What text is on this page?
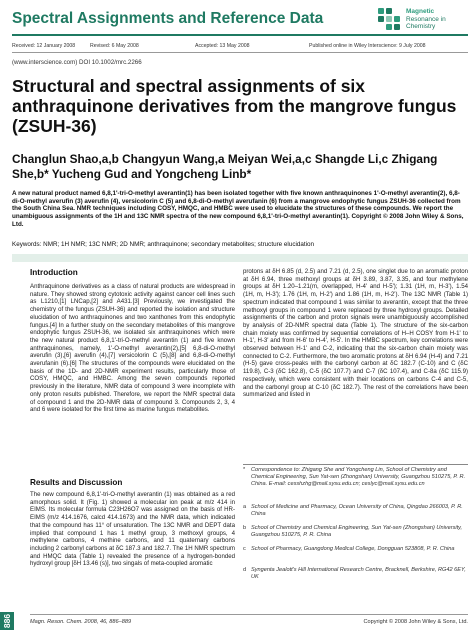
Spectral Assignments and Reference Data	Magnetic
Resonance in
Chemistry
Received: 12 January 2008	Revised: 6 May 2008	Accepted: 13 May 2008	Published online in Wiley Interscience: 9 July 2008
(www.interscience.com) DOI 10.1002/mrc.2266
Structural and spectral assignments of six anthraquinone derivatives from the mangrove fungus (ZSUH-36)
Changlun Shao,a,b Changyun Wang,a Meiyan Wei,a,c Shangde Li,c Zhigang She,b* Yucheng Gud and Yongcheng Linb*
A new natural product named 6,8,1'-tri-O-methyl averantin(1) has been isolated together with five known anthraquinones 1'-O-methyl averantin(2), 6,8-di-O-methyl averufin (3) averufin (4), versicolorin C (5) and 6,8-di-O-methyl averufanin (6) from a mangrove endophytic fungus ZSUH-36 collected from the South China Sea. NMR techniques including COSY, HMQC, and HMBC were used to elucidate the structures of these compounds. We report the unambiguous assignments of the 1H and 13C NMR spectra of the new compound 6,8,1'-tri-O-methyl averantin(1). Copyright © 2008 John Wiley & Sons, Ltd.
Keywords: NMR; 1H NMR; 13C NMR; 2D NMR; anthraquinone; secondary metabolites; structure elucidation
Introduction
Anthraquinone derivatives as a class of natural products are widespread in nature. They showed strong cytotoxic activity against cancer cell lines such as L1210,[1] LNCap,[2] and A431.[3] Previously, we investigated the chemistry of the fungus (ZSUH-36) and reported the isolation and structure elucidation of two anthraquinones and two xanthones from this endophytic fungus.[4] In a further study on the secondary metabolites of this mangrove endophytic fungus ZSUH-36, we isolated six anthraquinones which were the new natural product 6,8,1'-tri-O-methyl averantin (1) and five known anthraquinones, namely, 1'-O-methyl averantin(2),[5] 6,8-di-O-methyl averufin (3),[6] averufin (4),[7] versicolorin C (5),[8] and 6,8-di-O-methyl averufanin (6).[6] The structures of the compounds were elucidated on the basis of the 1D- and 2D-NMR experiment results, particularly those of COSY, HMQC, and HMBC. Among the seven compounds reported previously in the literature, NMR data of compound 3 were incomplete with only proton results published. Therefore, we report the NMR spectral data of compound 1 and the 2D-NMR data of compound 3. Compounds 2, 3, 4 and 6 were isolated for the first time as marine fungus metabolites.
Results and Discussion
The new compound 6,8,1'-tri-O-methyl averantin (1) was obtained as a red amorphous solid. It (Fig. 1) showed a molecular ion peak at m/z 414 in EIMS. Its molecular formula C23H26O7 was assigned on the basis of HR-EIMS (m/z 414.1676, calcd 414.1673) and the NMR data, which indicated that the compound has 11° of unsaturation. The 13C NMR and DEPT data implied that compound 1 has 1 methyl group, 3 methoxyl groups, 4 methylene carbons, 4 methine carbons, and 11 quaternary carbons including 2 carbonyl carbons at δC 187.3 and 182.7. The 1H NMR spectrum and HMQC data (Table 1) revealed the presence of a hydrogen-bonded hydroxyl group [δH 13.46 (s)], two singals of meta-coupled aromatic
protons at δH 6.85 (d, 2.5) and 7.21 (d, 2.5), one singlet due to an aromatic proton at δH 6.94, three methoxyl groups at δH 3.89, 3.87, 3.35, and four methylene groups at δH 1.20–1.21(m, overlapped, H-4' and H-5'); 1.31 (1H, m, H-3'), 1.54 (1H, m, H-3'); 1.76 (1H, m, H-2') and 1.86 (1H, m, H-2'). The 13C NMR (Table 1) spectrum indicated that compound 1 was similar to averantin, except that the three methoxyl groups in compound 1 were replaced by three hydroxyl groups. Detailed assignments of the carbon and proton signals were unambiguously accomplished by analysis of 2D-NMR spectral data (Table 1). The structure of the six-carbon chain moiety was confirmed by sequential correlations of H–H COSY from H-1' to H-1', H-3' and from H-6' to H-4', H-5'. In the HMBC spectrum, key correlations were observed between H-1' and C-2, indicating that the six-carbon chain moiety was connected to C-2. Furthermore, the two aromatic protons at δH 6.94 (H-4) and 7.21 (H-5) gave cross-peaks with the carbonyl carbon at δC 182.7 (C-10) and C (δC 119.8), C-3 (δC 162.8), C-5 (δC 107.7) and C-7 (δC 107.4), and C-8a (δC 115.9) respectively, which were consistent with their locations on carbons C-4 and C-5, and the carbonyl group at C-10 (δC 182.7). The rest of the correlations have been summarized and listed in
*	Correspondence to: Zhigang She and Yongcheng Lin, School of Chemistry and Chemical Engineering, Sun Yat-sen (Zhongshan) University, Guangzhou 510275, P. R. China. E-mail: cesshzhg@mail.sysu.edu.cn; ceslyc@mail.sysu.edu.cn
a School of Medicine and Pharmacy, Ocean University of China, Qingdao 266003, P. R. China
b School of Chemistry and Chemical Engineering, Sun Yat-sen (Zhongshan) University, Guangzhou 510275, P. R. China
c School of Pharmacy, Guangdong Medical College, Dongguan 523808, P. R. China
d Syngenta Jealott's Hill International Research Centre, Bracknell, Berkshire, RG42 6EY, UK
886	Magn. Reson. Chem. 2008, 46, 886–889	Copyright © 2008 John Wiley & Sons, Ltd.
